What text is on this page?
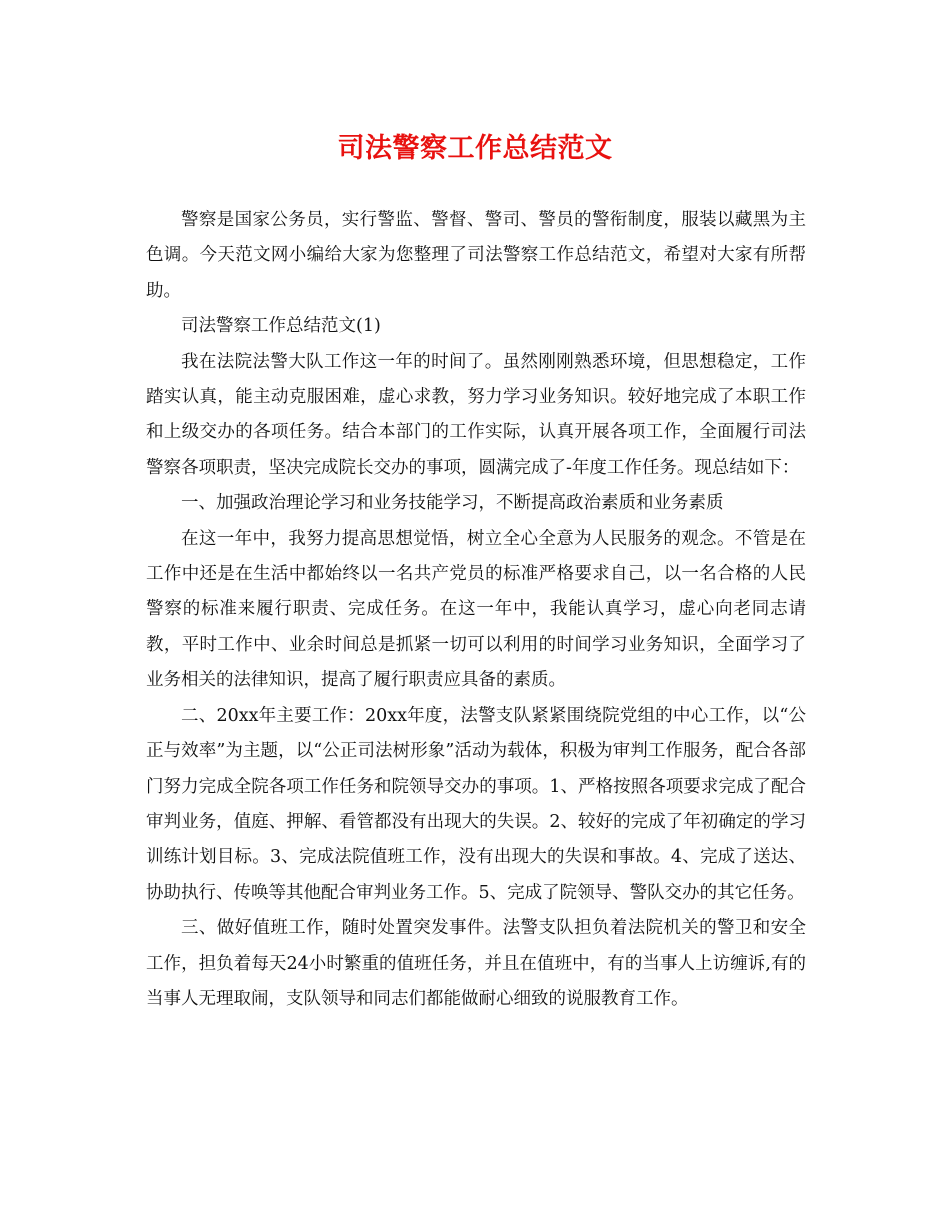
司法警察工作总结范文

警察是国家公务员，实行警监、警督、警司、警员的警衔制度，服装以藏黑为主色调。今天范文网小编给大家为您整理了司法警察工作总结范文，希望对大家有所帮助。

司法警察工作总结范文(1)

我在法院法警大队工作这一年的时间了。虽然刚刚熟悉环境，但思想稳定，工作踏实认真，能主动克服困难，虚心求教，努力学习业务知识。较好地完成了本职工作和上级交办的各项任务。结合本部门的工作实际，认真开展各项工作，全面履行司法警察各项职责，坚决完成院长交办的事项，圆满完成了-年度工作任务。现总结如下：

一、加强政治理论学习和业务技能学习，不断提高政治素质和业务素质

在这一年中，我努力提高思想觉悟，树立全心全意为人民服务的观念。不管是在工作中还是在生活中都始终以一名共产党员的标准严格要求自己，以一名合格的人民警察的标准来履行职责、完成任务。在这一年中，我能认真学习，虚心向老同志请教，平时工作中、业余时间总是抓紧一切可以利用的时间学习业务知识，全面学习了业务相关的法律知识，提高了履行职责应具备的素质。

二、20xx年主要工作：20xx年度，法警支队紧紧围绕院党组的中心工作，以“公正与效率”为主题，以“公正司法树形象”活动为载体，积极为审判工作服务，配合各部门努力完成全院各项工作任务和院领导交办的事项。1、严格按照各项要求完成了配合审判业务，值庭、押解、看管都没有出现大的失误。2、较好的完成了年初确定的学习训练计划目标。3、完成法院值班工作，没有出现大的失误和事故。4、完成了送达、协助执行、传唤等其他配合审判业务工作。5、完成了院领导、警队交办的其它任务。

三、做好值班工作，随时处置突发事件。法警支队担负着法院机关的警卫和安全工作，担负着每天24小时繁重的值班任务，并且在值班中，有的当事人上访缠诉,有的当事人无理取闹，支队领导和同志们都能做耐心细致的说服教育工作。
